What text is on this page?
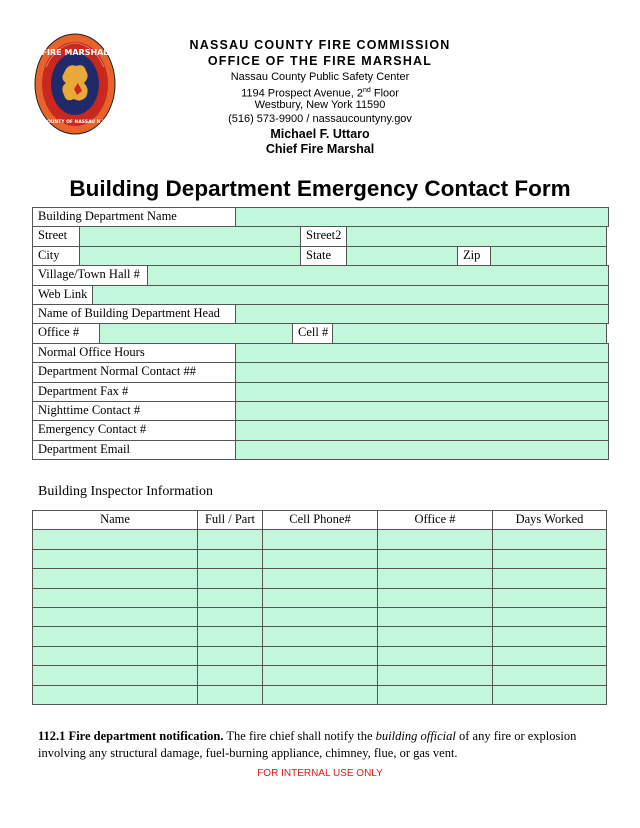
FIRE MARSHAL
COUNTY OF NASSAU N.Y.
NASSAU COUNTY FIRE COMMISSION
OFFICE OF THE FIRE MARSHAL
Nassau County Public Safety Center
1194 Prospect Avenue, 2nd Floor
Westbury, New York 11590
(516) 573-9900 / nassaucountyny.gov
Michael F. Uttaro
Chief Fire Marshal
Building Department Emergency Contact Form
Building Department Name
Street	Street2
City	State	Zip
Village/Town Hall #
Web Link
Name of Building Department Head
Office #	Cell #
Normal Office Hours
Department Normal Contact ##
Department Fax #
Nighttime Contact #
Emergency Contact #
Department Email
Building Inspector Information
Name	Full / Part	Cell Phone#	Office #	Days Worked
112.1 Fire department notification. The fire chief shall notify the building official of any fire or explosion involving any structural damage, fuel-burning appliance, chimney, flue, or gas vent.
FOR INTERNAL USE ONLY
